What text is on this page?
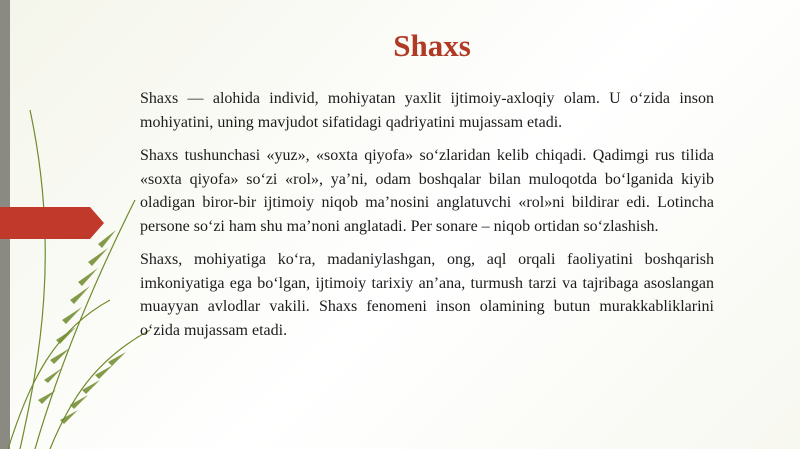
Shaxs

Shaxs — alohida individ, mohiyatan yaxlit ijtimoiy-axloqiy olam. U o‘zida inson mohiyatini, uning mavjudot sifatidagi qadriyatini mujassam etadi.

Shaxs tushunchasi «yuz», «soxta qiyofa» so‘zlaridan kelib chiqadi. Qadimgi rus tilida «soxta qiyofa» so‘zi «rol», ya’ni, odam boshqalar bilan muloqotda bo‘lganida kiyib oladigan biror-bir ijtimoiy niqob ma’nosini anglatuvchi «rol»ni bildirar edi. Lotincha persone so‘zi ham shu ma’noni anglatadi. Per sonare – niqob ortidan so‘zlashish.

Shaxs, mohiyatiga ko‘ra, madaniylashgan, ong, aql orqali faoliyatini boshqarish imkoniyatiga ega bo‘lgan, ijtimoiy tarixiy an’ana, turmush tarzi va tajribaga asoslangan muayyan avlodlar vakili. Shaxs fenomeni inson olamining butun murakkabliklarini o‘zida mujassam etadi.
